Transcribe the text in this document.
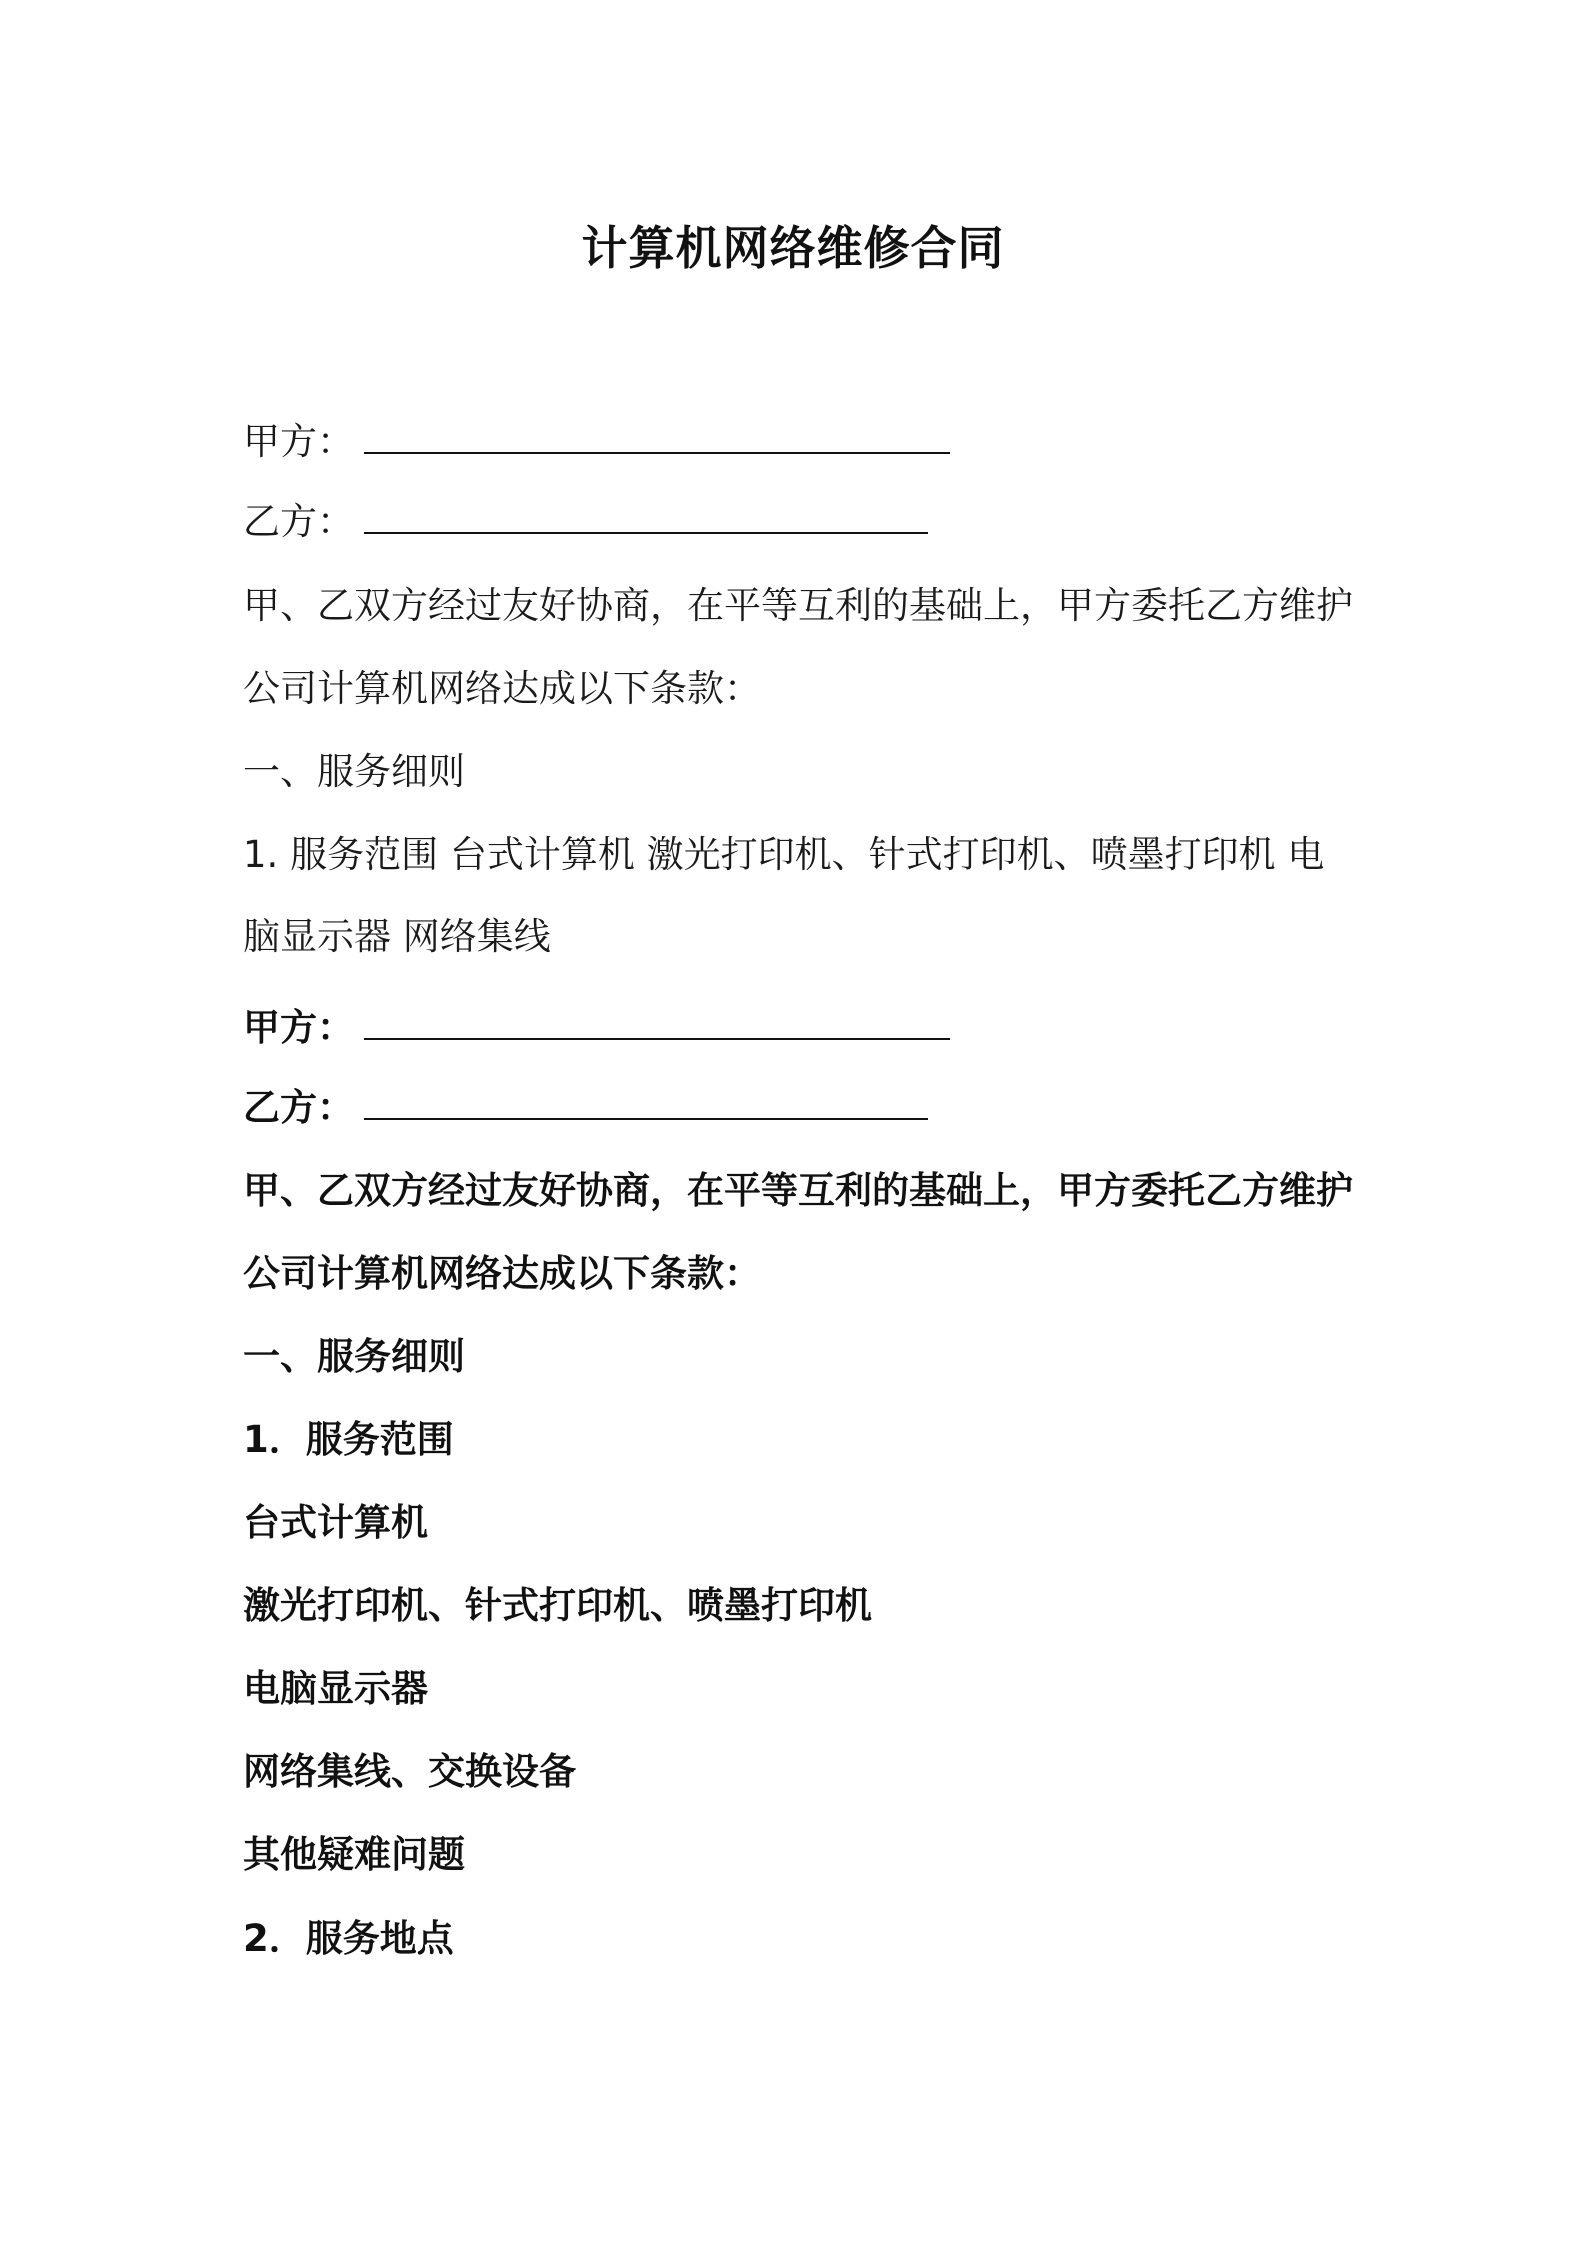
计算机网络维修合同

甲方：

乙方：

甲、乙双方经过友好协商，在平等互利的基础上，甲方委托乙方维护

公司计算机网络达成以下条款：

一、服务细则

1. 服务范围 台式计算机 激光打印机、针式打印机、喷墨打印机 电

脑显示器 网络集线

甲方：

乙方：

甲、乙双方经过友好协商，在平等互利的基础上，甲方委托乙方维护

公司计算机网络达成以下条款：

一、服务细则

1．服务范围

台式计算机

激光打印机、针式打印机、喷墨打印机

电脑显示器

网络集线、交换设备

其他疑难问题

2．服务地点
